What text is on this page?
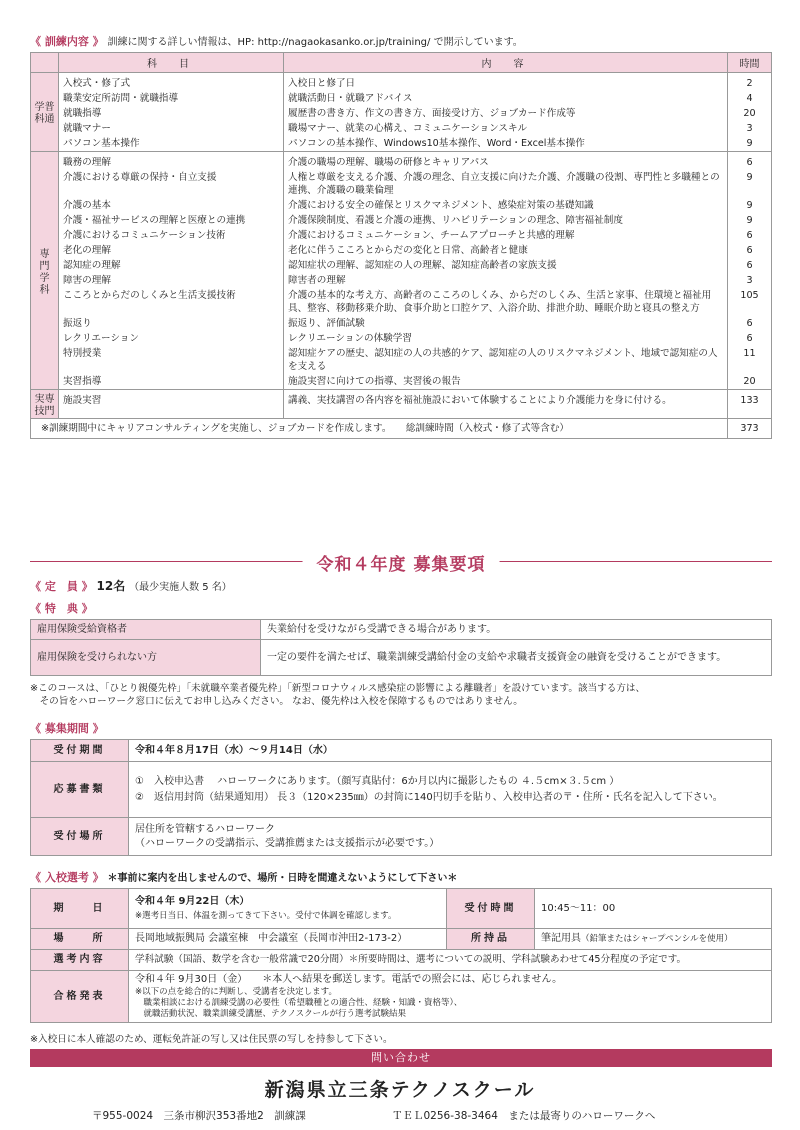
《 訓練内容 》 訓練に関する詳しい情報は、HP: http://nagaokasanko.or.jp/training/ で開示しています。
	科　目	内　容	時間
学普
科通	入校式・修了式	入校日と修了日	2
	職業安定所訪問・就職指導	就職活動日・就職アドバイス	4
	就職指導	履歴書の書き方、作文の書き方、面接受け方、ジョブカード作成等	20
	就職マナー	職場マナー、就業の心構え、コミュニケーションスキル	3
	パソコン基本操作	パソコンの基本操作、Windows10基本操作、Word・Excel基本操作	9
専
門
学
科	職務の理解	介護の職場の理解、職場の研修とキャリアパス	6
	介護における尊厳の保持・自立支援	人権と尊厳を支える介護、介護の理念、自立支援に向けた介護、介護職の役割、専門性と多職種との連携、介護職の職業倫理	9
	介護の基本	介護における安全の確保とリスクマネジメント、感染症対策の基礎知識	9
	介護・福祉サービスの理解と医療との連携	介護保険制度、看護と介護の連携、リハビリテーションの理念、障害福祉制度	9
	介護におけるコミュニケーション技術	介護におけるコミュニケーション、チームアプローチと共感的理解	6
	老化の理解	老化に伴うこころとからだの変化と日常、高齢者と健康	6
	認知症の理解	認知症状の理解、認知症の人の理解、認知症高齢者の家族支援	6
	障害の理解	障害者の理解	3
	こころとからだのしくみと生活支援技術	介護の基本的な考え方、高齢者のこころのしくみ、からだのしくみ、生活と家事、住環境と福祉用具、整容、移動移乗介助、食事介助と口腔ケア、入浴介助、排泄介助、睡眠介助と寝具の整え方	105
	振返り	振返り、評価試験	6
	レクリエーション	レクリエーションの体験学習	6
	特別授業	認知症ケアの歴史、認知症の人の共感的ケア、認知症の人のリスクマネジメント、地域で認知症の人を支える	11
	実習指導	施設実習に向けての指導、実習後の報告	20
実専
技門	施設実習	講義、実技講習の各内容を福祉施設において体験することにより介護能力を身に付ける。	133
※訓練期間中にキャリアコンサルティングを実施し、ジョブカードを作成します。　　総訓練時間（入校式・修了式等含む）			373
令和４年度 募集要項
《 定　員 》 12名 （最少実施人数 5 名）
《 特　典 》
雇用保険受給資格者	失業給付を受けながら受講できる場合があります。
雇用保険を受けられない方	一定の要件を満たせば、職業訓練受講給付金の支給や求職者支援資金の融資を受けることができます。
※このコースは、「ひとり親優先枠」「未就職卒業者優先枠」「新型コロナウィルス感染症の影響による離職者」を設けています。該当する方は、
　その旨をハローワーク窓口に伝えてお申し込みください。 なお、優先枠は入校を保障するものではありません。
《 募集期間 》
受付期間	令和４年８月17日（水）～９月14日（水）
応募書類	①　入校申込書　 ハローワークにあります。（顔写真貼付：6か月以内に撮影したもの ４.５cm×３.５cm ）
②　返信用封筒（結果通知用） 長３（120×235㎜）の封筒に140円切手を貼り、入校申込者の〒・住所・氏名を記入して下さい。
受付場所	居住所を管轄するハローワーク
（ハローワークの受講指示、受講推薦または支援指示が必要です。）
《 入校選考 》 ＊事前に案内を出しませんので、場所・日時を間違えないようにして下さい＊
期　　日	令和４年 9月22日（木）
※選考日当日、体温を測ってきて下さい。受付で体調を確認します。	受付時間	10:45～11：00
場　　所	長岡地域振興局 会議室棟　中会議室（長岡市沖田2-173-2）	所持品	筆記用具（鉛筆またはシャープペンシルを使用）
選考内容	学科試験（国語、数学を含む一般常識で20分間）＊所要時間は、選考についての説明、学科試験あわせて45分程度の予定です。		
合格発表	令和４年 9月30日（金）　　＊本人へ結果を郵送します。電話での照会には、応じられません。
※以下の点を総合的に判断し、受講者を決定します。
　職業相談における訓練受講の必要性（希望職種との適合性、経験・知識・資格等）、
　就職活動状況、職業訓練受講歴、テクノスクールが行う選考試験結果		
※入校日に本人確認のため、運転免許証の写し又は住民票の写しを持参して下さい。
問い合わせ
新潟県立三条テクノスクール
〒955-0024　三条市柳沢353番地2　訓練課	ＴＥＬ0256-38-3464　または最寄りのハローワークへ
